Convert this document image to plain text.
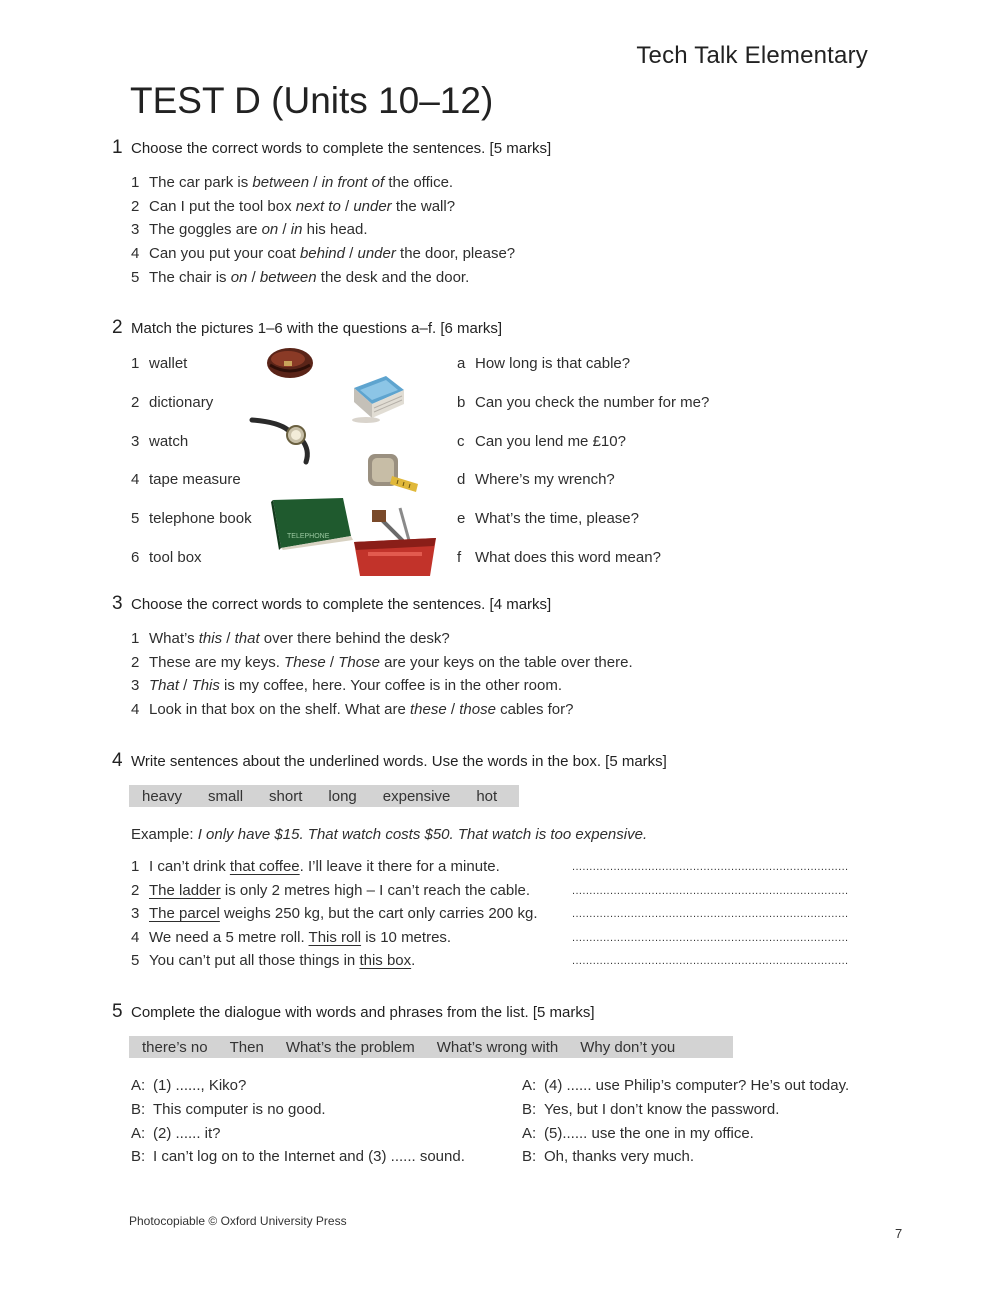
Tech Talk Elementary
TEST D (Units 10–12)
1 Choose the correct words to complete the sentences. [5 marks]
1 The car park is between / in front of the office.
2 Can I put the tool box next to / under the wall?
3 The goggles are on / in his head.
4 Can you put your coat behind / under the door, please?
5 The chair is on / between the desk and the door.
2 Match the pictures 1–6 with the questions a–f. [6 marks]
1 wallet
2 dictionary
3 watch
4 tape measure
5 telephone book
6 tool box
a How long is that cable?
b Can you check the number for me?
c Can you lend me £10?
d Where’s my wrench?
e What’s the time, please?
f What does this word mean?
TELEPHONE
3 Choose the correct words to complete the sentences. [4 marks]
1 What’s this / that over there behind the desk?
2 These are my keys. These / Those are your keys on the table over there.
3 That / This is my coffee, here. Your coffee is in the other room.
4 Look in that box on the shelf. What are these / those cables for?
4 Write sentences about the underlined words. Use the words in the box. [5 marks]
heavy small short long expensive hot
Example: I only have $15. That watch costs $50. That watch is too expensive.
1 I can’t drink that coffee. I’ll leave it there for a minute.	................................................................................
2 The ladder is only 2 metres high – I can’t reach the cable.	................................................................................
3 The parcel weighs 250 kg, but the cart only carries 200 kg.	................................................................................
4 We need a 5 metre roll. This roll is 10 metres.	................................................................................
5 You can’t put all those things in this box.	................................................................................
5 Complete the dialogue with words and phrases from the list. [5 marks]
there’s no Then What’s the problem What’s wrong with Why don’t you
A: (1) ......, Kiko?
B: This computer is no good.
A: (2) ...... it?
B: I can’t log on to the Internet and (3) ...... sound.
A: (4) ...... use Philip’s computer? He’s out today.
B: Yes, but I don’t know the password.
A: (5)...... use the one in my office.
B: Oh, thanks very much.
Photocopiable © Oxford University Press
7
